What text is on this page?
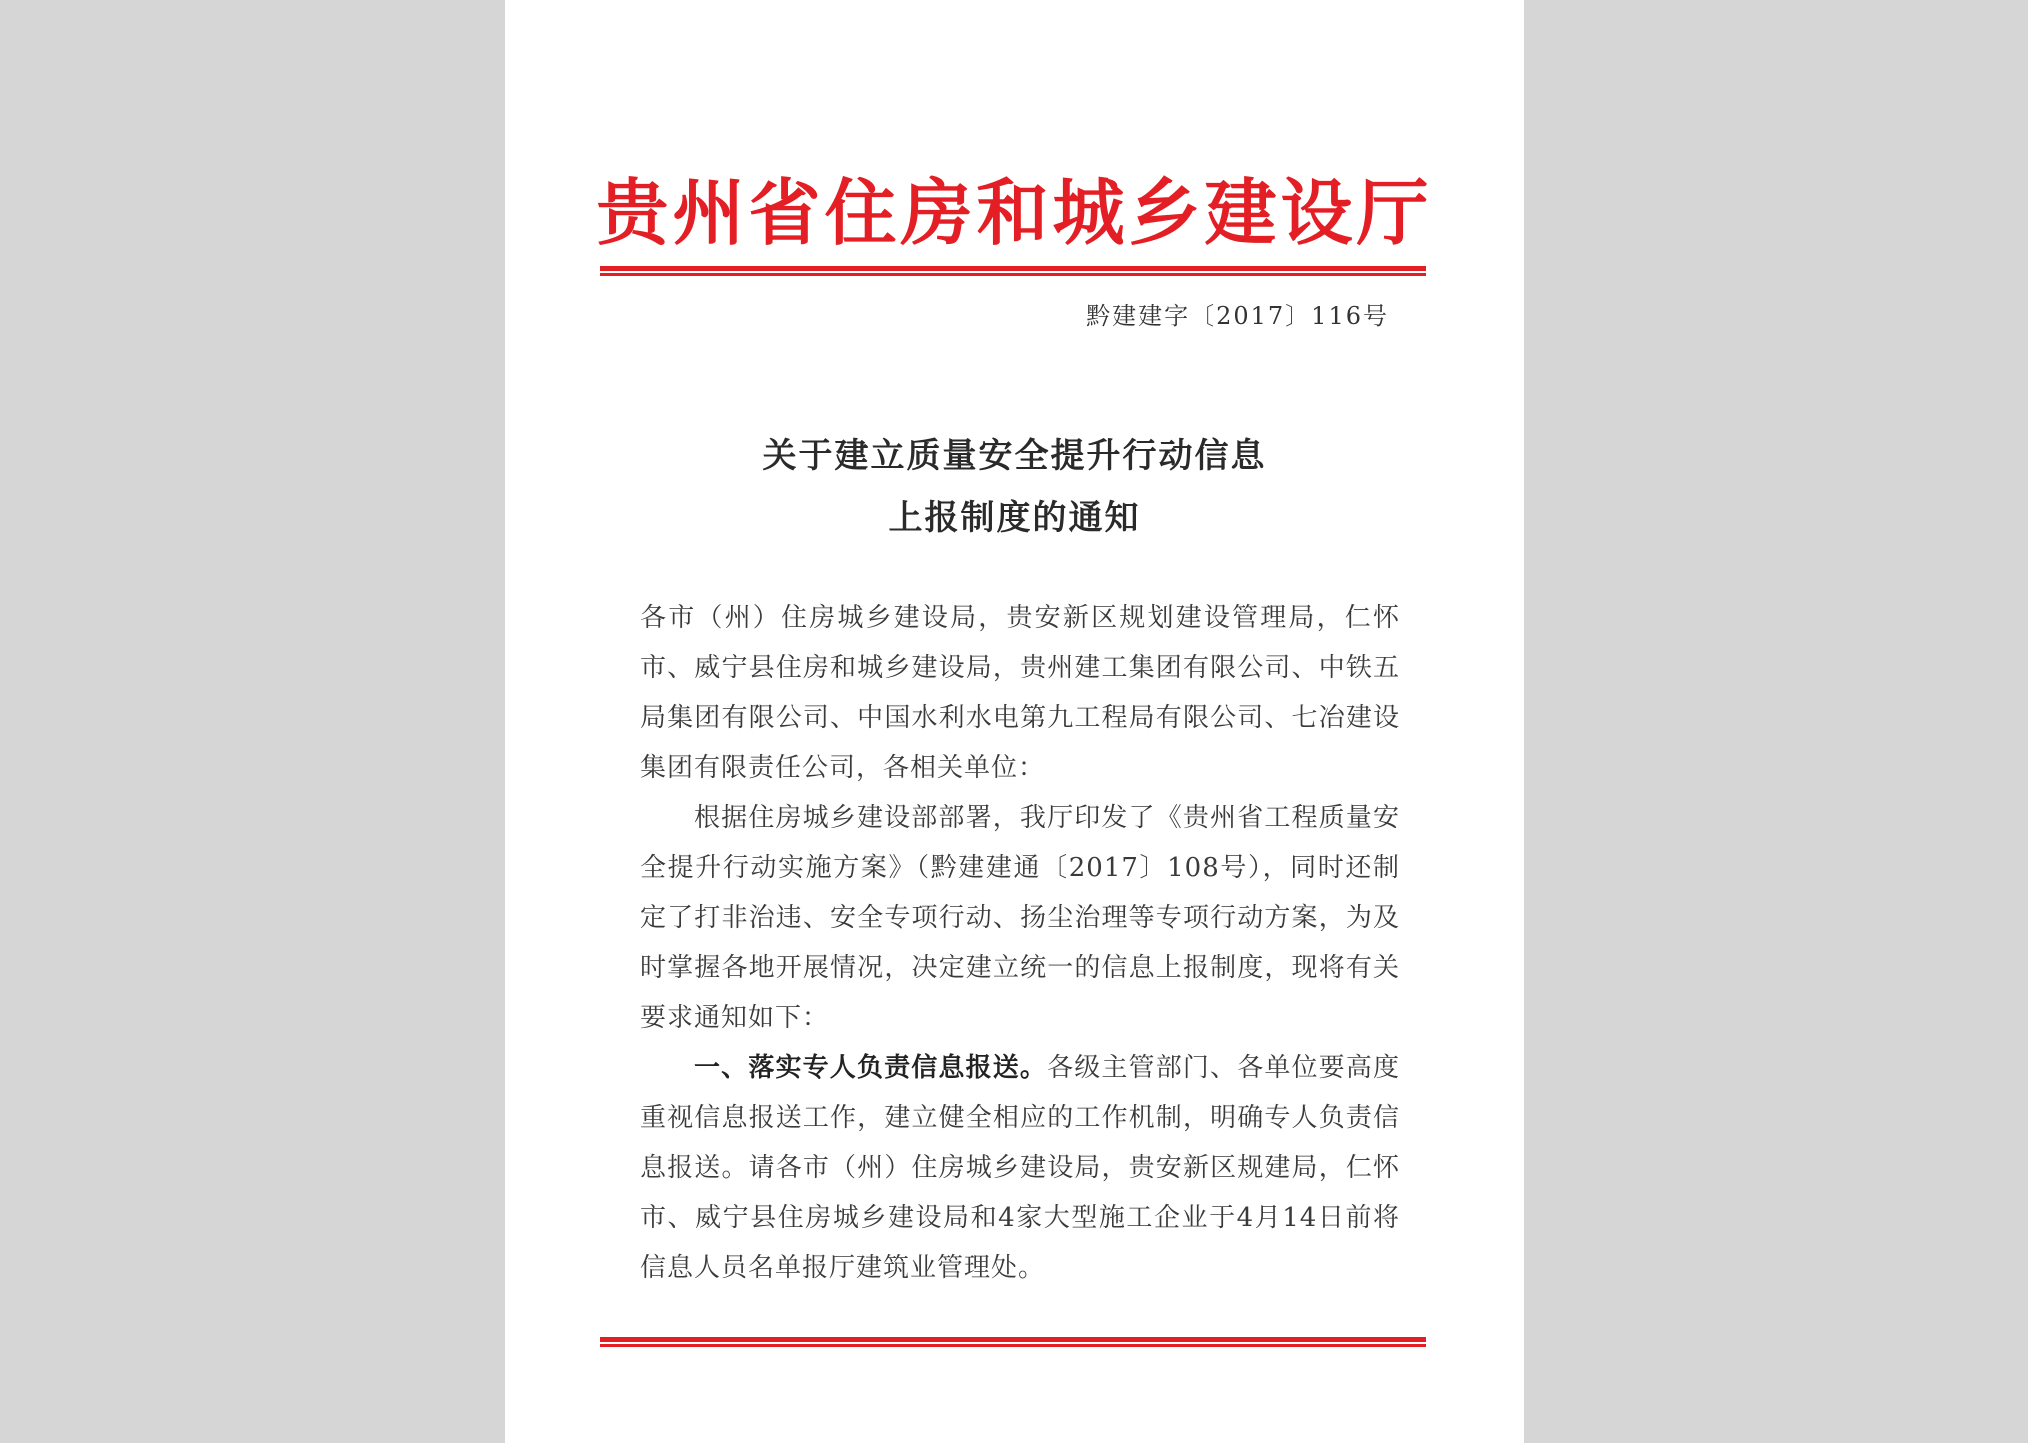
贵州省住房和城乡建设厅
黔建建字〔2017〕116号
关于建立质量安全提升行动信息
上报制度的通知

各市（州）住房城乡建设局，贵安新区规划建设管理局，仁怀市、威宁县住房和城乡建设局，贵州建工集团有限公司、中铁五局集团有限公司、中国水利水电第九工程局有限公司、七冶建设集团有限责任公司，各相关单位：

根据住房城乡建设部部署，我厅印发了《贵州省工程质量安全提升行动实施方案》（黔建建通〔2017〕108号），同时还制定了打非治违、安全专项行动、扬尘治理等专项行动方案，为及时掌握各地开展情况，决定建立统一的信息上报制度，现将有关要求通知如下：

一、落实专人负责信息报送。各级主管部门、各单位要高度重视信息报送工作，建立健全相应的工作机制，明确专人负责信息报送。请各市（州）住房城乡建设局，贵安新区规建局，仁怀市、威宁县住房城乡建设局和4家大型施工企业于4月14日前将信息人员名单报厅建筑业管理处。
